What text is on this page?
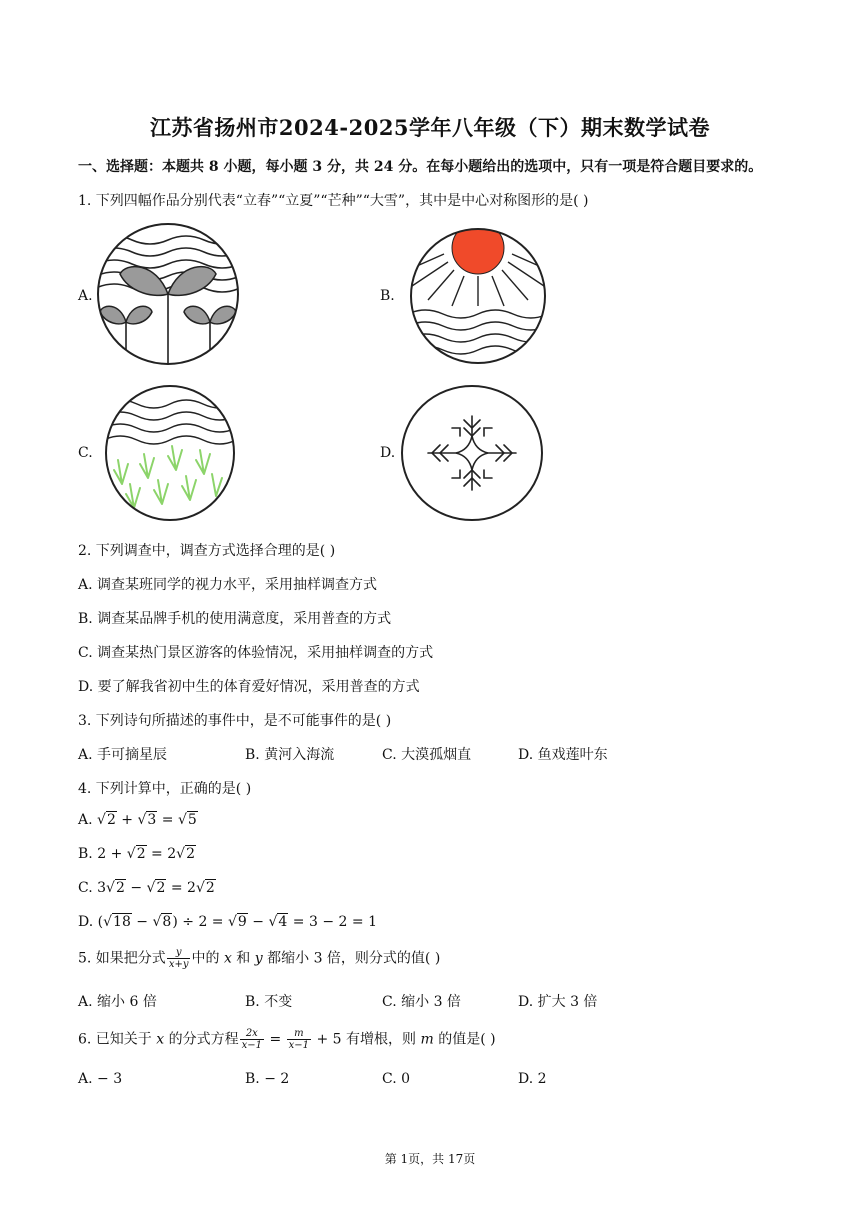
江苏省扬州市2024-2025学年八年级（下）期末数学试卷
一、选择题：本题共 8 小题，每小题 3 分，共 24 分。在每小题给出的选项中，只有一项是符合题目要求的。
1. 下列四幅作品分别代表“立春”“立夏”“芒种”“大雪”，其中是中心对称图形的是( )
A.	B.
C.	D.
2. 下列调查中，调查方式选择合理的是( )
A. 调查某班同学的视力水平，采用抽样调查方式
B. 调查某品牌手机的使用满意度，采用普查的方式
C. 调查某热门景区游客的体验情况，采用抽样调查的方式
D. 要了解我省初中生的体育爱好情况，采用普查的方式
3. 下列诗句所描述的事件中，是不可能事件的是( )
A. 手可摘星辰	B. 黄河入海流	C. 大漠孤烟直	D. 鱼戏莲叶东
4. 下列计算中，正确的是( )
A. √2 + √3 = √5
B. 2 + √2 = 2√2
C. 3√2 − √2 = 2√2
D. (√18 − √8) ÷ 2 = √9 − √4 = 3 − 2 = 1
5. 如果把分式 $\frac{y}{x+y}$ 中的 x 和 y 都缩小 3 倍，则分式的值( )
A. 缩小 6 倍	B. 不变	C. 缩小 3 倍	D. 扩大 3 倍
6. 已知关于 x 的分式方程 $\frac{2x}{x-1} = \frac{m}{x-1} + 5$ 有增根，则 m 的值是( )
A. − 3	B. − 2	C. 0	D. 2
第 1页，共 17页
